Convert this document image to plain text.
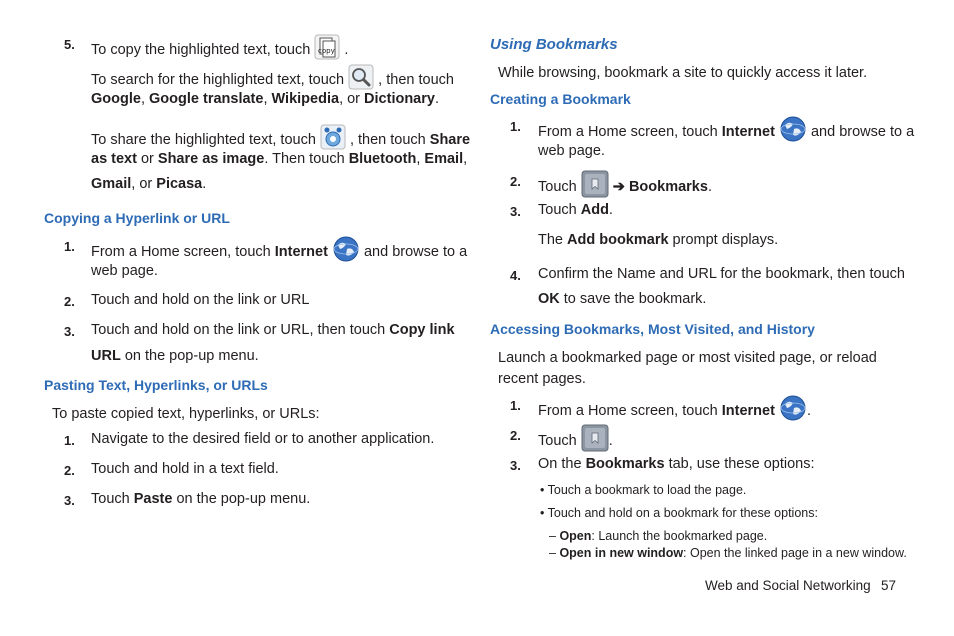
5. To copy the highlighted text, touch copy .
To search for the highlighted text, touch , then touch
Google, Google translate, Wikipedia, or Dictionary.
To share the highlighted text, touch , then touch Share
as text or Share as image. Then touch Bluetooth, Email,
Gmail, or Picasa.
Copying a Hyperlink or URL
1. From a Home screen, touch Internet and browse to a
web page.
2. Touch and hold on the link or URL
3. Touch and hold on the link or URL, then touch Copy link
URL on the pop-up menu.
Pasting Text, Hyperlinks, or URLs
To paste copied text, hyperlinks, or URLs:
1. Navigate to the desired field or to another application.
2. Touch and hold in a text field.
3. Touch Paste on the pop-up menu.
Using Bookmarks
While browsing, bookmark a site to quickly access it later.
Creating a Bookmark
1. From a Home screen, touch Internet and browse to a
web page.
2. Touch ➔ Bookmarks.
3. Touch Add.
The Add bookmark prompt displays.
4. Confirm the Name and URL for the bookmark, then touch
OK to save the bookmark.
Accessing Bookmarks, Most Visited, and History
Launch a bookmarked page or most visited page, or reload
recent pages.
1. From a Home screen, touch Internet .
2. Touch .
3. On the Bookmarks tab, use these options:
• Touch a bookmark to load the page.
• Touch and hold on a bookmark for these options:
– Open: Launch the bookmarked page.
– Open in new window: Open the linked page in a new window.
Web and Social Networking 57
